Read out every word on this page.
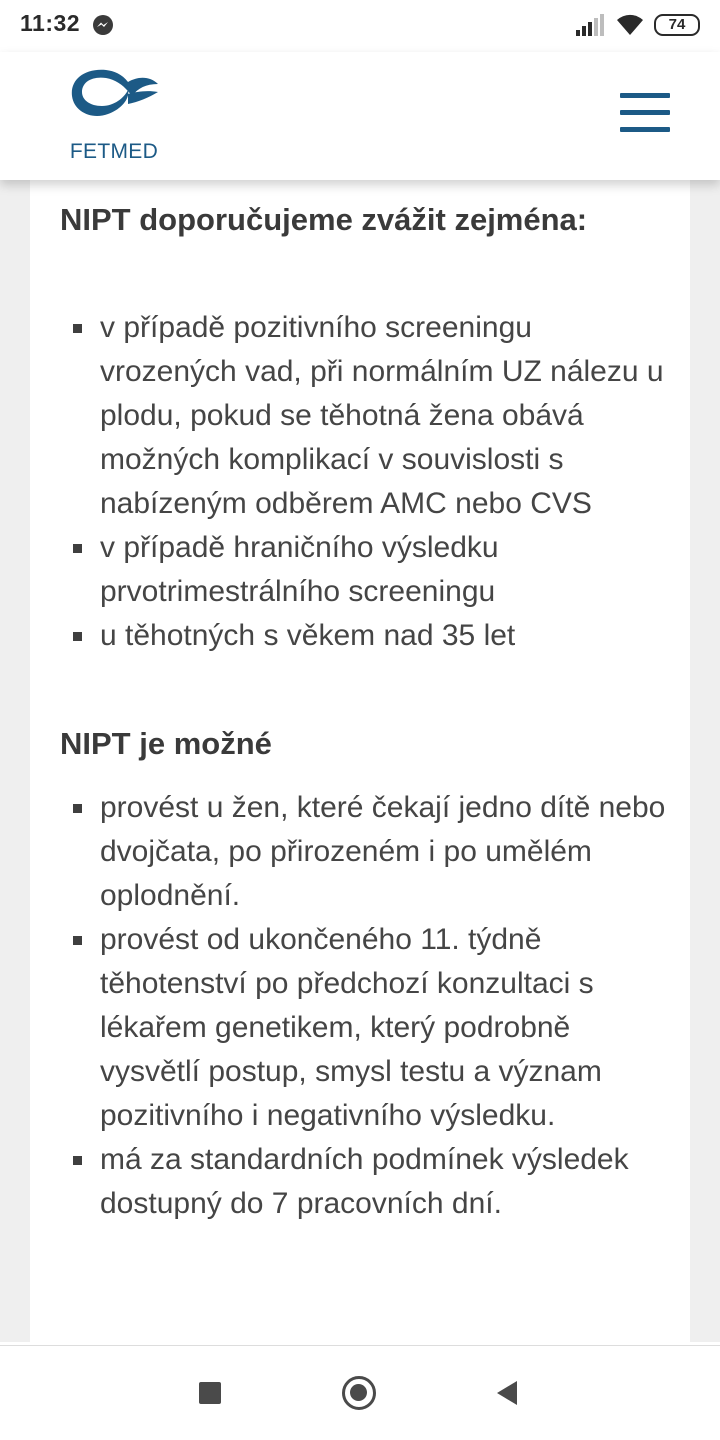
11:32	74
FETMED
NIPT doporučujeme zvážit zejména:
v případě pozitivního screeningu vrozených vad, při normálním UZ nálezu u plodu, pokud se těhotná žena obává možných komplikací v souvislosti s nabízeným odběrem AMC nebo CVS
v případě hraničního výsledku prvotrimestrálního screeningu
u těhotných s věkem nad 35 let
NIPT je možné
provést u žen, které čekají jedno dítě nebo dvojčata, po přirozeném i po umělém oplodnění.
provést od ukončeného 11. týdně těhotenství po předchozí konzultaci s lékařem genetikem, který podrobně vysvětlí postup, smysl testu a význam pozitivního i negativního výsledku.
má za standardních podmínek výsledek dostupný do 7 pracovních dní.
